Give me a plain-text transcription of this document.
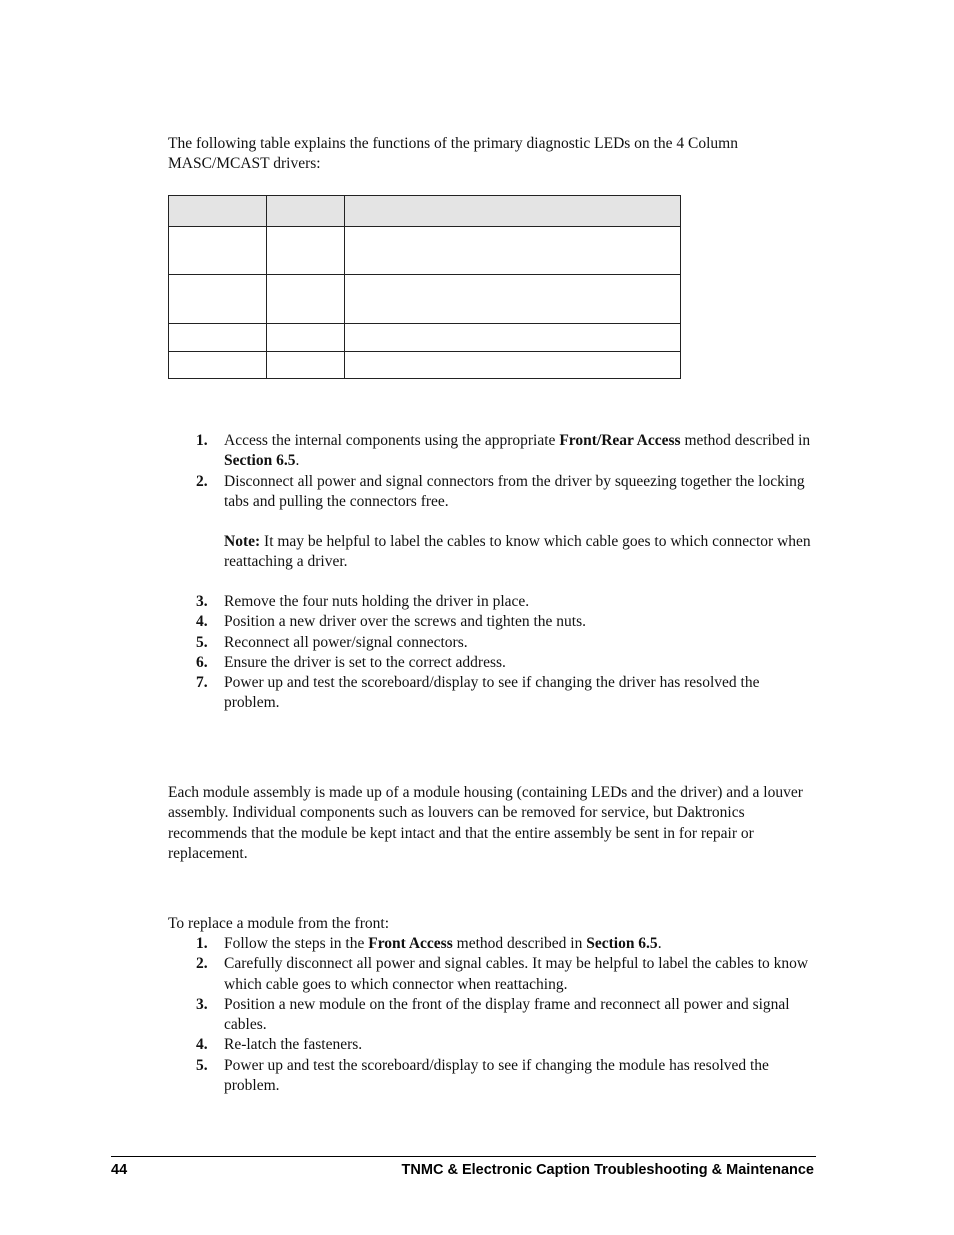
The following table explains the functions of the primary diagnostic LEDs on the 4 Column MASC/MCAST drivers:

1. Access the internal components using the appropriate Front/Rear Access method described in Section 6.5.
2. Disconnect all power and signal connectors from the driver by squeezing together the locking tabs and pulling the connectors free.

Note: It may be helpful to label the cables to know which cable goes to which connector when reattaching a driver.

3. Remove the four nuts holding the driver in place.
4. Position a new driver over the screws and tighten the nuts.
5. Reconnect all power/signal connectors.
6. Ensure the driver is set to the correct address.
7. Power up and test the scoreboard/display to see if changing the driver has resolved the problem.

Each module assembly is made up of a module housing (containing LEDs and the driver) and a louver assembly. Individual components such as louvers can be removed for service, but Daktronics recommends that the module be kept intact and that the entire assembly be sent in for repair or replacement.

To replace a module from the front:

1. Follow the steps in the Front Access method described in Section 6.5.
2. Carefully disconnect all power and signal cables. It may be helpful to label the cables to know which cable goes to which connector when reattaching.
3. Position a new module on the front of the display frame and reconnect all power and signal cables.
4. Re-latch the fasteners.
5. Power up and test the scoreboard/display to see if changing the module has resolved the problem.
44	TNMC & Electronic Caption Troubleshooting & Maintenance
